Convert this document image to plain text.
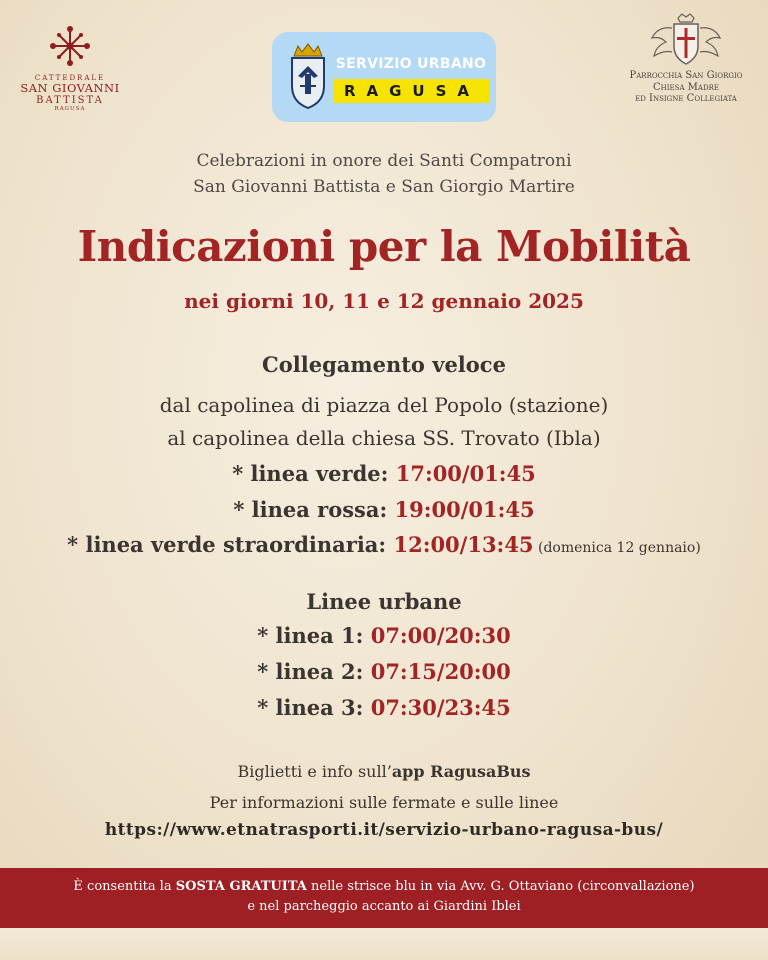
CATTEDRALE
SAN GIOVANNI
BATTISTA
RAGUSA
SERVIZIO URBANO
RAGUSA
Parrocchia San Giorgio
Chiesa Madre
ed Insigne Collegiata

Celebrazioni in onore dei Santi Compatroni

San Giovanni Battista e San Giorgio Martire

Indicazioni per la Mobilità

nei giorni 10, 11 e 12 gennaio 2025

Collegamento veloce

dal capolinea di piazza del Popolo (stazione)

al capolinea della chiesa SS. Trovato (Ibla)

* linea verde: 17:00/01:45

* linea rossa: 19:00/01:45

* linea verde straordinaria: 12:00/13:45 (domenica 12 gennaio)

Linee urbane

* linea 1: 07:00/20:30

* linea 2: 07:15/20:00

* linea 3: 07:30/23:45

Biglietti e info sull’app RagusaBus

Per informazioni sulle fermate e sulle linee

https://www.etnatrasporti.it/servizio-urbano-ragusa-bus/

È consentita la SOSTA GRATUITA nelle strisce blu in via Avv. G. Ottaviano (circonvallazione)
e nel parcheggio accanto ai Giardini Iblei
